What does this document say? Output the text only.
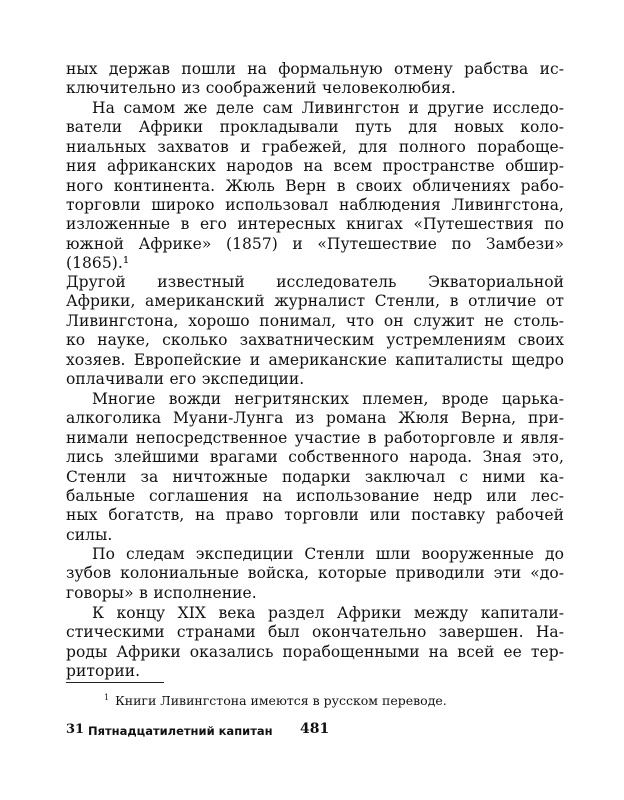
ных держав пошли на формальную отмену рабства ис-
ключительно из соображений человеколюбия.
На самом же деле сам Ливингстон и другие исследо-
ватели Африки прокладывали путь для новых коло-
ниальных захватов и грабежей, для полного порабоще-
ния африканских народов на всем пространстве обшир-
ного континента. Жюль Верн в своих обличениях рабо-
торговли широко использовал наблюдения Ливингстона,
изложенные в его интересных книгах «Путешествия по
южной Африке» (1857) и «Путешествие по Замбези»
(1865).¹
Другой известный исследователь Экваториальной
Африки, американский журналист Стенли, в отличие от
Ливингстона, хорошо понимал, что он служит не столь-
ко науке, сколько захватническим устремлениям своих
хозяев. Европейские и американские капиталисты щедро
оплачивали его экспедиции.
Многие вожди негритянских племен, вроде царька-
алкоголика Муани-Лунга из романа Жюля Верна, при-
нимали непосредственное участие в работорговле и явля-
лись злейшими врагами собственного народа. Зная это,
Стенли за ничтожные подарки заключал с ними ка-
бальные соглашения на использование недр или лес-
ных богатств, на право торговли или поставку рабочей
силы.
По следам экспедиции Стенли шли вооруженные до
зубов колониальные войска, которые приводили эти «до-
говоры» в исполнение.
К концу XIX века раздел Африки между капитали-
стическими странами был окончательно завершен. На-
роды Африки оказались порабощенными на всей ее тер-
ритории.
$^1$ Книги Ливингстона имеются в русском переводе.
31 Пятнадцатилетний капитан 481
